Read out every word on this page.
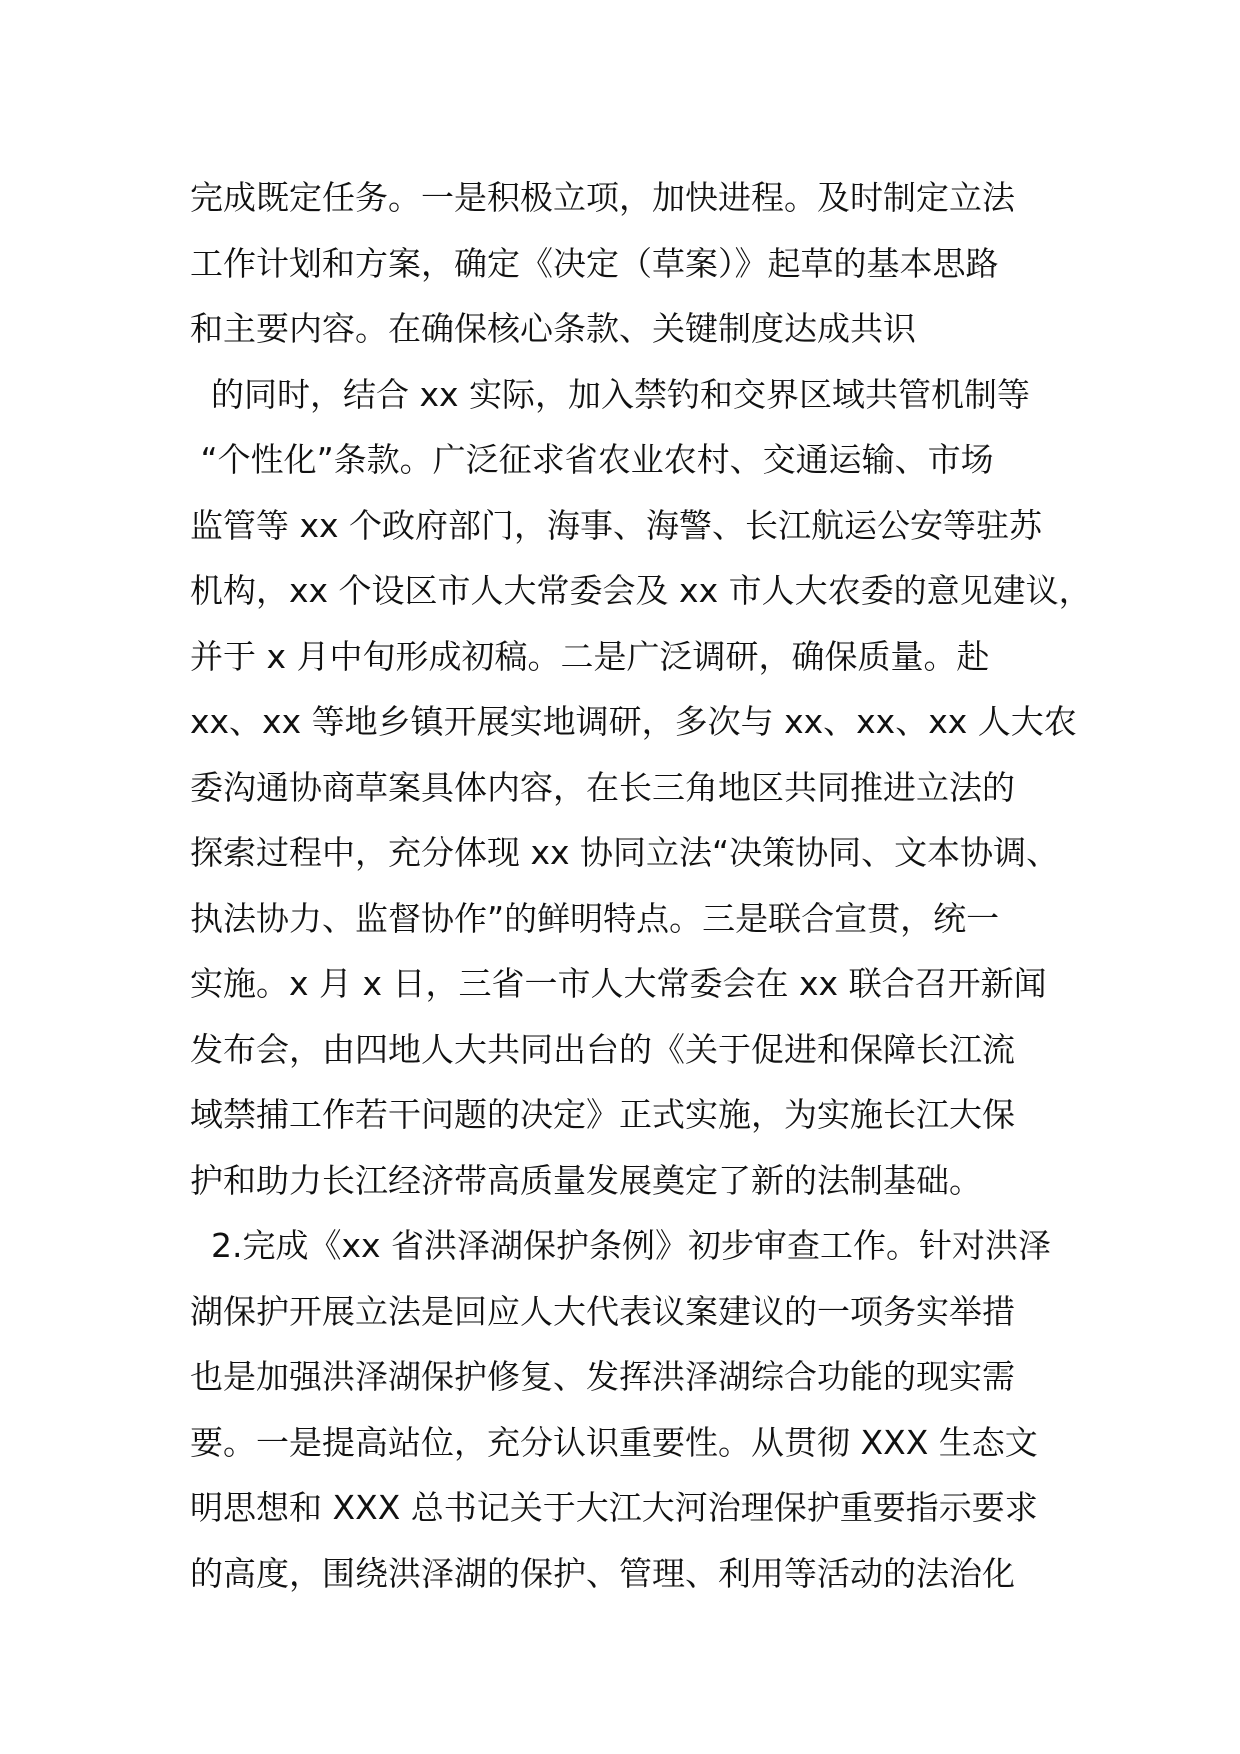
完成既定任务。一是积极立项，加快进程。及时制定立法
工作计划和方案，确定《决定（草案）》起草的基本思路
和主要内容。在确保核心条款、关键制度达成共识
的同时，结合 xx 实际，加入禁钓和交界区域共管机制等
“个性化”条款。广泛征求省农业农村、交通运输、市场
监管等 xx 个政府部门，海事、海警、长江航运公安等驻苏
机构，xx 个设区市人大常委会及 xx 市人大农委的意见建议，
并于 x 月中旬形成初稿。二是广泛调研，确保质量。赴
xx、xx 等地乡镇开展实地调研，多次与 xx、xx、xx 人大农
委沟通协商草案具体内容，在长三角地区共同推进立法的
探索过程中，充分体现 xx 协同立法“决策协同、文本协调、
执法协力、监督协作”的鲜明特点。三是联合宣贯，统一
实施。x 月 x 日，三省一市人大常委会在 xx 联合召开新闻
发布会，由四地人大共同出台的《关于促进和保障长江流
域禁捕工作若干问题的决定》正式实施，为实施长江大保
护和助力长江经济带高质量发展奠定了新的法制基础。
2.完成《xx 省洪泽湖保护条例》初步审查工作。针对洪泽
湖保护开展立法是回应人大代表议案建议的一项务实举措
也是加强洪泽湖保护修复、发挥洪泽湖综合功能的现实需
要。一是提高站位，充分认识重要性。从贯彻 XXX 生态文
明思想和 XXX 总书记关于大江大河治理保护重要指示要求
的高度，围绕洪泽湖的保护、管理、利用等活动的法治化
